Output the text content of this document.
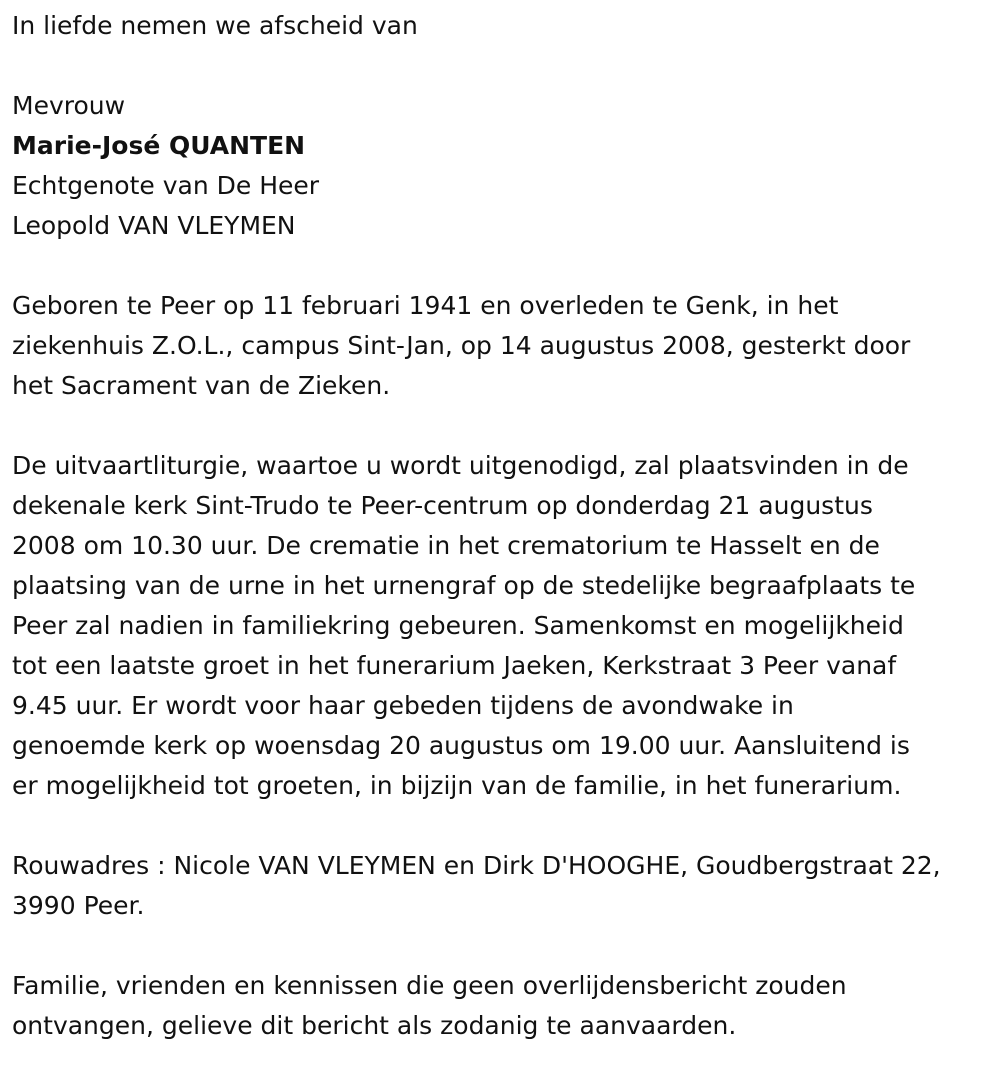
In liefde nemen we afscheid van

Mevrouw

Marie-José QUANTEN

Echtgenote van De Heer

Leopold VAN VLEYMEN

Geboren te Peer op 11 februari 1941 en overleden te Genk, in het
ziekenhuis Z.O.L., campus Sint-Jan, op 14 augustus 2008, gesterkt door
het Sacrament van de Zieken.
De uitvaartliturgie, waartoe u wordt uitgenodigd, zal plaatsvinden in de
dekenale kerk Sint-Trudo te Peer-centrum op donderdag 21 augustus
2008 om 10.30 uur. De crematie in het crematorium te Hasselt en de
plaatsing van de urne in het urnengraf op de stedelijke begraafplaats te
Peer zal nadien in familiekring gebeuren. Samenkomst en mogelijkheid
tot een laatste groet in het funerarium Jaeken, Kerkstraat 3 Peer vanaf
9.45 uur. Er wordt voor haar gebeden tijdens de avondwake in
genoemde kerk op woensdag 20 augustus om 19.00 uur. Aansluitend is
er mogelijkheid tot groeten, in bijzijn van de familie, in het funerarium.
Rouwadres : Nicole VAN VLEYMEN en Dirk D'HOOGHE, Goudbergstraat 22,
3990 Peer.
Familie, vrienden en kennissen die geen overlijdensbericht zouden
ontvangen, gelieve dit bericht als zodanig te aanvaarden.
